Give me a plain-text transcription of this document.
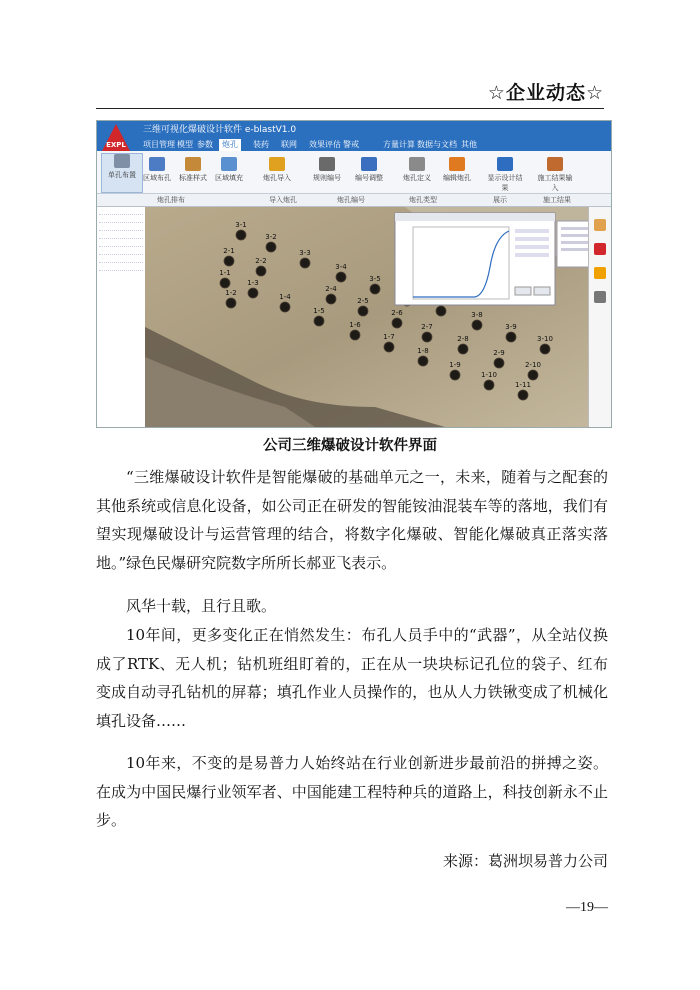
☆企业动态☆
EXPL
三维可视化爆破设计软件 e-blastV1.0
项目管理 模型 参数	炮孔	装药 联网 效果评估 警戒	方量计算 数据与文档 其他
单孔布置	区域布孔	标准样式	区域填充	炮孔导入	规则编号	编号调整	炮孔定义	编辑炮孔	显示设计结果
施工结果输入
炮孔排布	导入炮孔	炮孔编号	炮孔类型	展示	施工结果
3-1
3-2
2-1
2-2
3-3
1-1
1-3
1-2
3-4
1-4
2-4
3-5
1-5
2-5
1-6
2-6
1-7
2-7
3-8
1-8
2-8
3-9
1-9
2-9
3-10
1-10
2-10
1-11
公司三维爆破设计软件界面
“三维爆破设计软件是智能爆破的基础单元之一，未来，随着与之配套的其他系统或信息化设备，如公司正在研发的智能铵油混装车等的落地，我们有望实现爆破设计与运营管理的结合，将数字化爆破、智能化爆破真正落实落地。”绿色民爆研究院数字所所长郝亚飞表示。
风华十载，且行且歌。
10年间，更多变化正在悄然发生：布孔人员手中的“武器”，从全站仪换成了RTK、无人机；钻机班组盯着的，正在从一块块标记孔位的袋子、红布变成自动寻孔钻机的屏幕；填孔作业人员操作的，也从人力铁锹变成了机械化填孔设备……
10年来，不变的是易普力人始终站在行业创新进步最前沿的拼搏之姿。在成为中国民爆行业领军者、中国能建工程特种兵的道路上，科技创新永不止步。
来源：葛洲坝易普力公司
—19—
